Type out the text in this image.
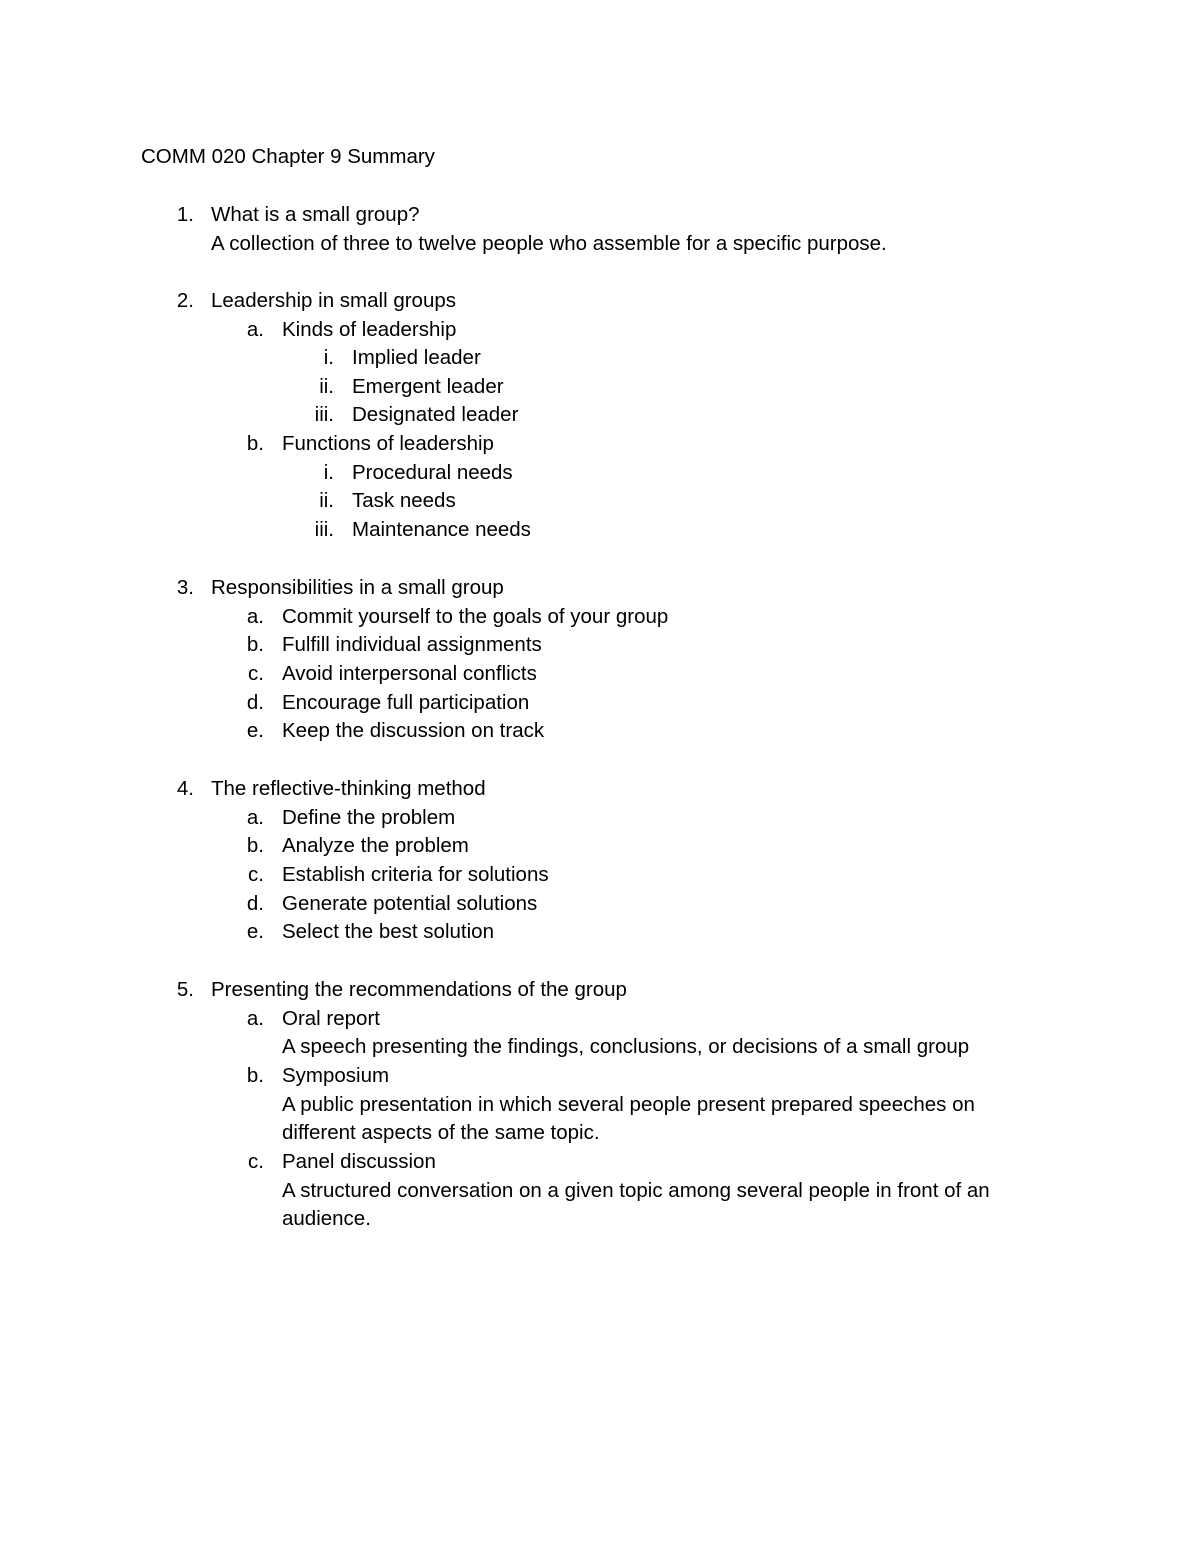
COMM 020 Chapter 9 Summary
1. What is a small group?
A collection of three to twelve people who assemble for a specific purpose.
2. Leadership in small groups
a. Kinds of leadership
i. Implied leader
ii. Emergent leader
iii. Designated leader
b. Functions of leadership
i. Procedural needs
ii. Task needs
iii. Maintenance needs
3. Responsibilities in a small group
a. Commit yourself to the goals of your group
b. Fulfill individual assignments
c. Avoid interpersonal conflicts
d. Encourage full participation
e. Keep the discussion on track
4. The reflective-thinking method
a. Define the problem
b. Analyze the problem
c. Establish criteria for solutions
d. Generate potential solutions
e. Select the best solution
5. Presenting the recommendations of the group
a. Oral report
A speech presenting the findings, conclusions, or decisions of a small group
b. Symposium
A public presentation in which several people present prepared speeches on
different aspects of the same topic.
c. Panel discussion
A structured conversation on a given topic among several people in front of an
audience.
